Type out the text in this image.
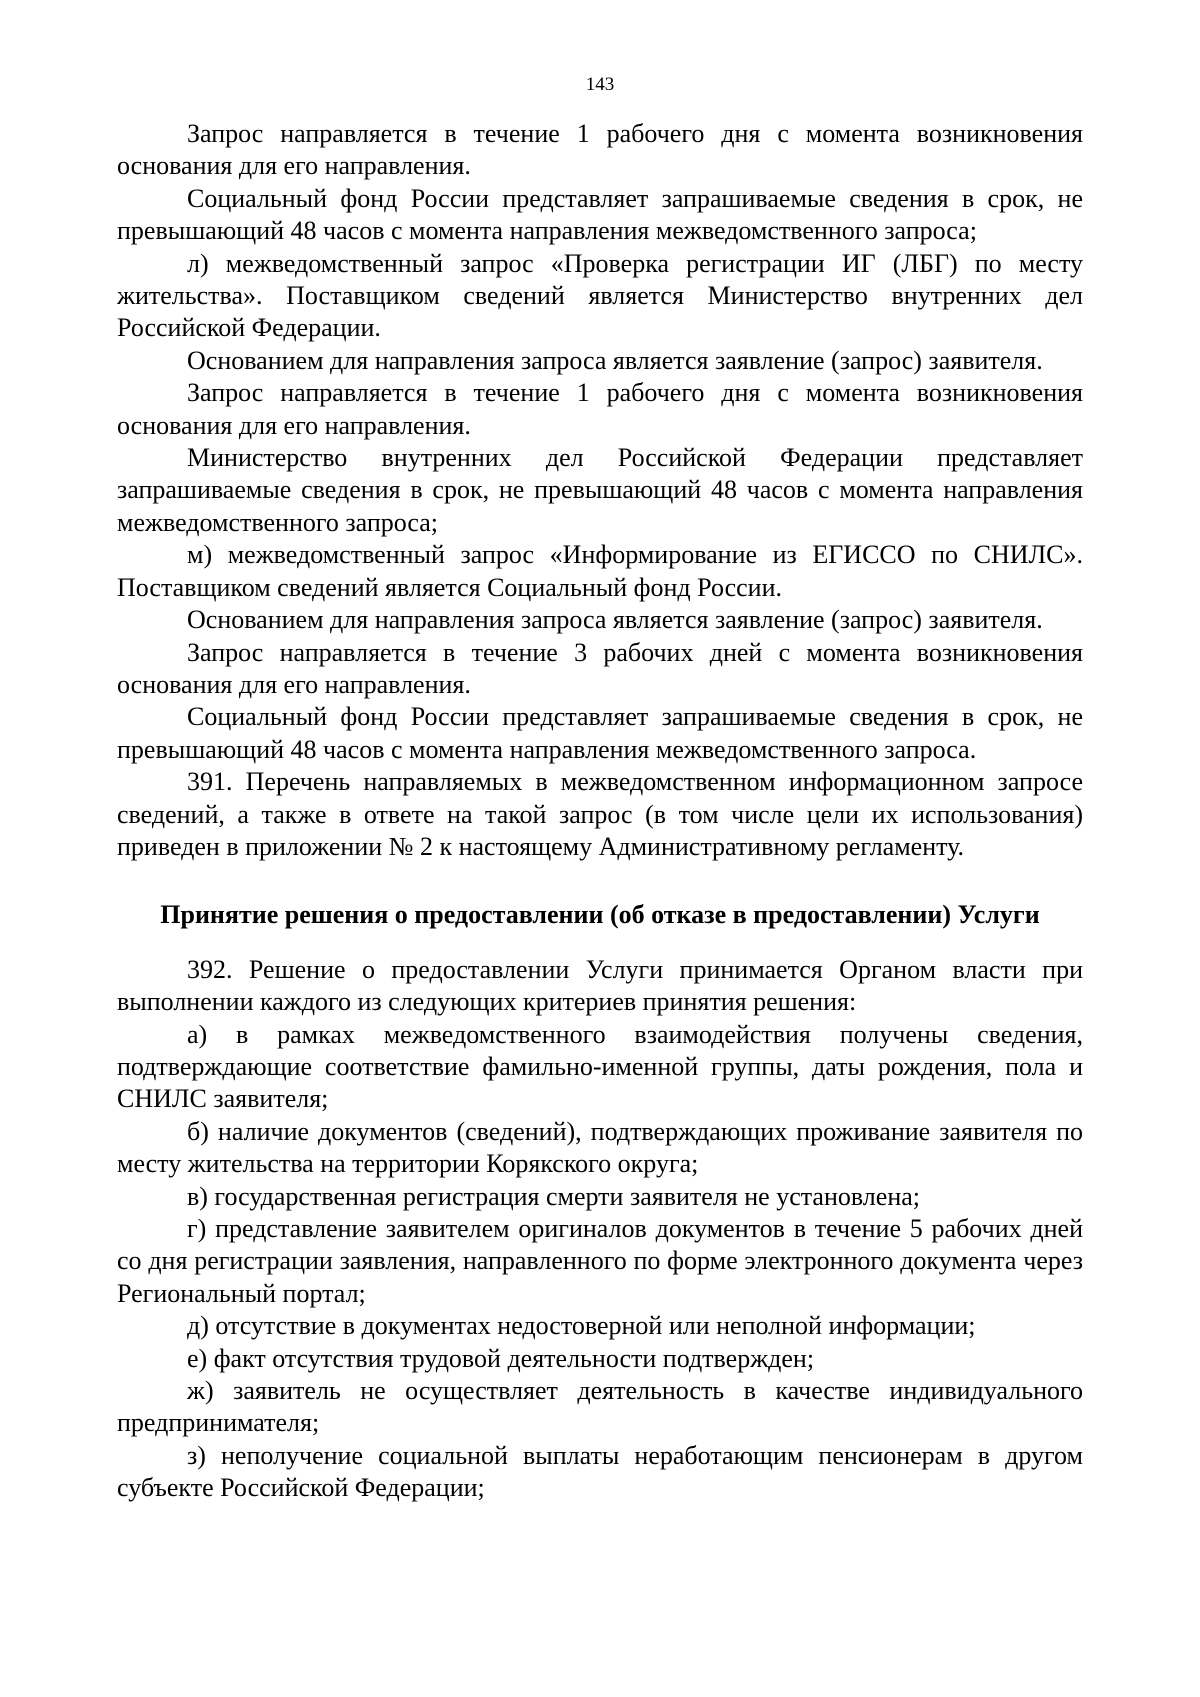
143

Запрос направляется в течение 1 рабочего дня с момента возникновения основания для его направления.

Социальный фонд России представляет запрашиваемые сведения в срок, не превышающий 48 часов с момента направления межведомственного запроса;

л) межведомственный запрос «Проверка регистрации ИГ (ЛБГ) по месту жительства». Поставщиком сведений является Министерство внутренних дел Российской Федерации.

Основанием для направления запроса является заявление (запрос) заявителя.

Запрос направляется в течение 1 рабочего дня с момента возникновения основания для его направления.

Министерство внутренних дел Российской Федерации представляет запрашиваемые сведения в срок, не превышающий 48 часов с момента направления межведомственного запроса;

м) межведомственный запрос «Информирование из ЕГИССО по СНИЛС». Поставщиком сведений является Социальный фонд России.

Основанием для направления запроса является заявление (запрос) заявителя.

Запрос направляется в течение 3 рабочих дней с момента возникновения основания для его направления.

Социальный фонд России представляет запрашиваемые сведения в срок, не превышающий 48 часов с момента направления межведомственного запроса.

391. Перечень направляемых в межведомственном информационном запросе сведений, а также в ответе на такой запрос (в том числе цели их использования) приведен в приложении № 2 к настоящему Административному регламенту.

Принятие решения о предоставлении (об отказе в предоставлении) Услуги

392. Решение о предоставлении Услуги принимается Органом власти при выполнении каждого из следующих критериев принятия решения:

а) в рамках межведомственного взаимодействия получены сведения, подтверждающие соответствие фамильно-именной группы, даты рождения, пола и СНИЛС заявителя;

б) наличие документов (сведений), подтверждающих проживание заявителя по месту жительства на территории Корякского округа;

в) государственная регистрация смерти заявителя не установлена;

г) представление заявителем оригиналов документов в течение 5 рабочих дней со дня регистрации заявления, направленного по форме электронного документа через Региональный портал;

д) отсутствие в документах недостоверной или неполной информации;

е) факт отсутствия трудовой деятельности подтвержден;

ж) заявитель не осуществляет деятельность в качестве индивидуального предпринимателя;

з) неполучение социальной выплаты неработающим пенсионерам в другом субъекте Российской Федерации;
